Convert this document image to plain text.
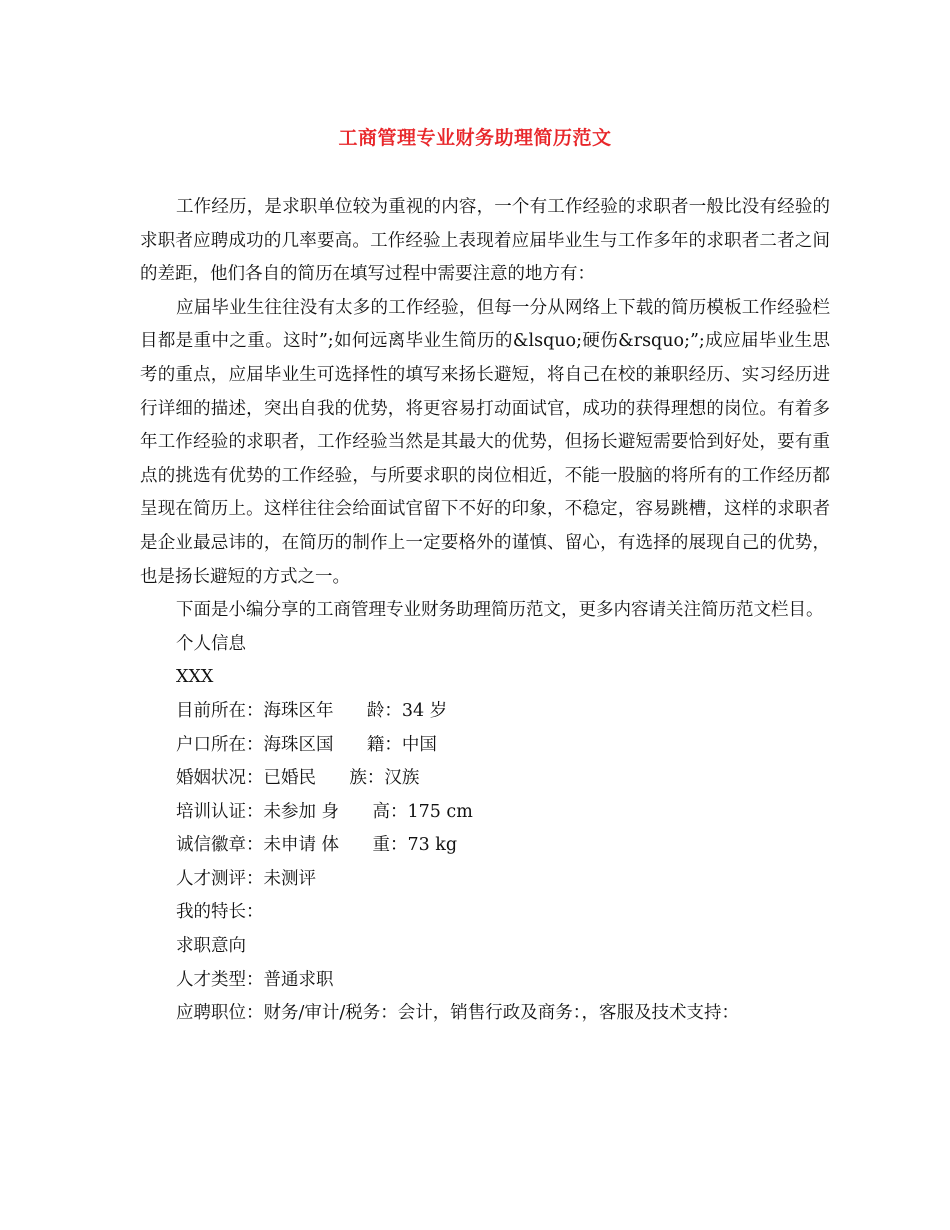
工商管理专业财务助理简历范文

工作经历，是求职单位较为重视的内容，一个有工作经验的求职者一般比没有经验的求职者应聘成功的几率要高。工作经验上表现着应届毕业生与工作多年的求职者二者之间的差距，他们各自的简历在填写过程中需要注意的地方有：

应届毕业生往往没有太多的工作经验，但每一分从网络上下载的简历模板工作经验栏目都是重中之重。这时”;如何远离毕业生简历的&lsquo;硬伤&rsquo;”;成应届毕业生思考的重点，应届毕业生可选择性的填写来扬长避短，将自己在校的兼职经历、实习经历进行详细的描述，突出自我的优势，将更容易打动面试官，成功的获得理想的岗位。有着多年工作经验的求职者，工作经验当然是其最大的优势，但扬长避短需要恰到好处，要有重点的挑选有优势的工作经验，与所要求职的岗位相近，不能一股脑的将所有的工作经历都呈现在简历上。这样往往会给面试官留下不好的印象，不稳定，容易跳槽，这样的求职者是企业最忌讳的，在简历的制作上一定要格外的谨慎、留心，有选择的展现自己的优势，也是扬长避短的方式之一。

下面是小编分享的工商管理专业财务助理简历范文，更多内容请关注简历范文栏目。

个人信息

XXX

目前所在：海珠区年      龄：34 岁

户口所在：海珠区国      籍：中国

婚姻状况：已婚民      族：汉族

培训认证：未参加 身      高：175 cm

诚信徽章：未申请 体      重：73 kg

人才测评：未测评

我的特长：

求职意向

人才类型：普通求职

应聘职位：财务/审计/税务：会计，销售行政及商务：，客服及技术支持：
